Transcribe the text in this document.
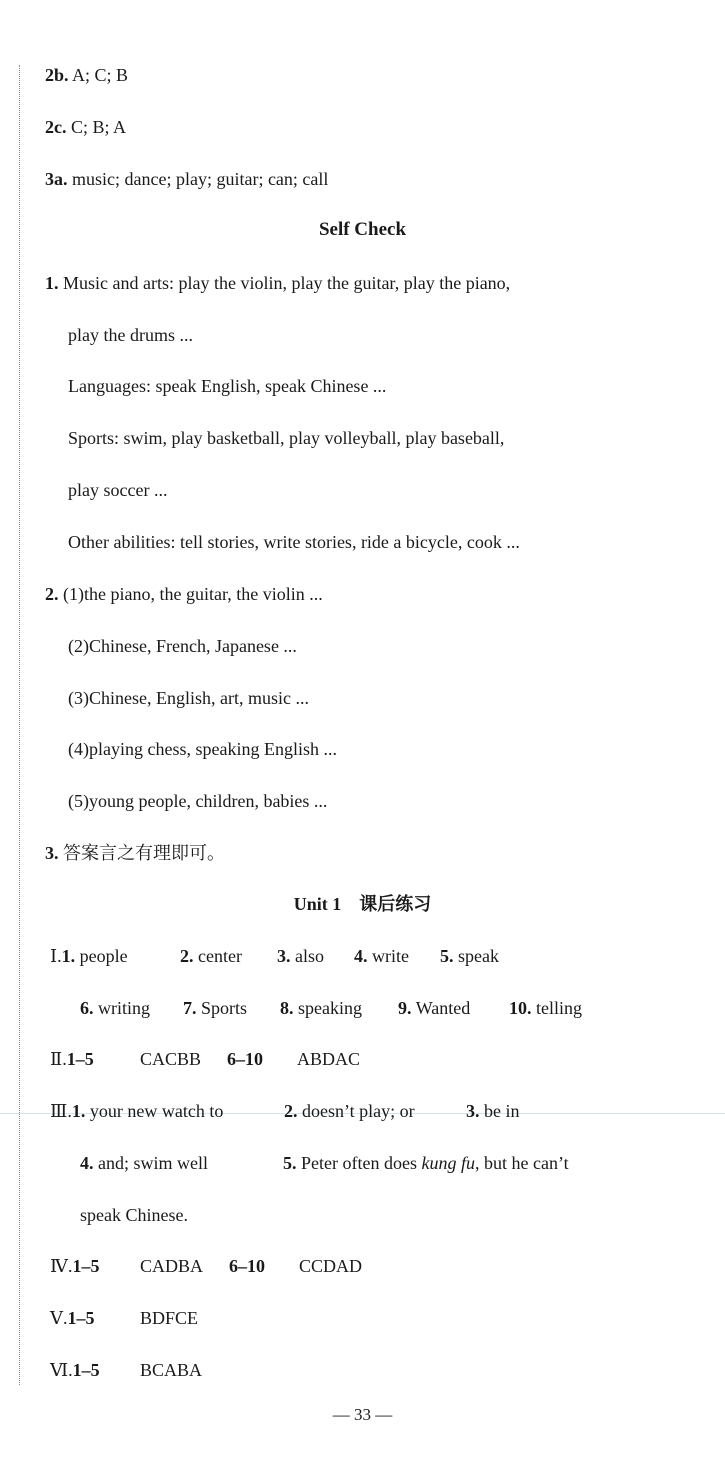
2b. A; C; B
2c. C; B; A
3a. music; dance; play; guitar; can; call
Self Check
1. Music and arts: play the violin, play the guitar, play the piano,
play the drums ...
Languages: speak English, speak Chinese ...
Sports: swim, play basketball, play volleyball, play baseball,
play soccer ...
Other abilities: tell stories, write stories, ride a bicycle, cook ...
2. (1)the piano, the guitar, the violin ...
(2)Chinese, French, Japanese ...
(3)Chinese, English, art, music ...
(4)playing chess, speaking English ...
(5)young people, children, babies ...
3. 答案言之有理即可。
Unit 1　课后练习
Ⅰ.1. people	2. center 3. also 4. write 5. speak
6. writing 7. Sports 8. speaking 9. Wanted 10. telling
Ⅱ.1–5	CACBB 6–10 ABDAC
Ⅲ.1. your new watch to	2. doesn’t play; or	3. be in
4. and; swim well	5. Peter often does kung fu, but he can’t
speak Chinese.
Ⅳ.1–5 CADBA 6–10 CCDAD
Ⅴ.1–5	BDFCE
Ⅵ.1–5 BCABA
— 33 —
